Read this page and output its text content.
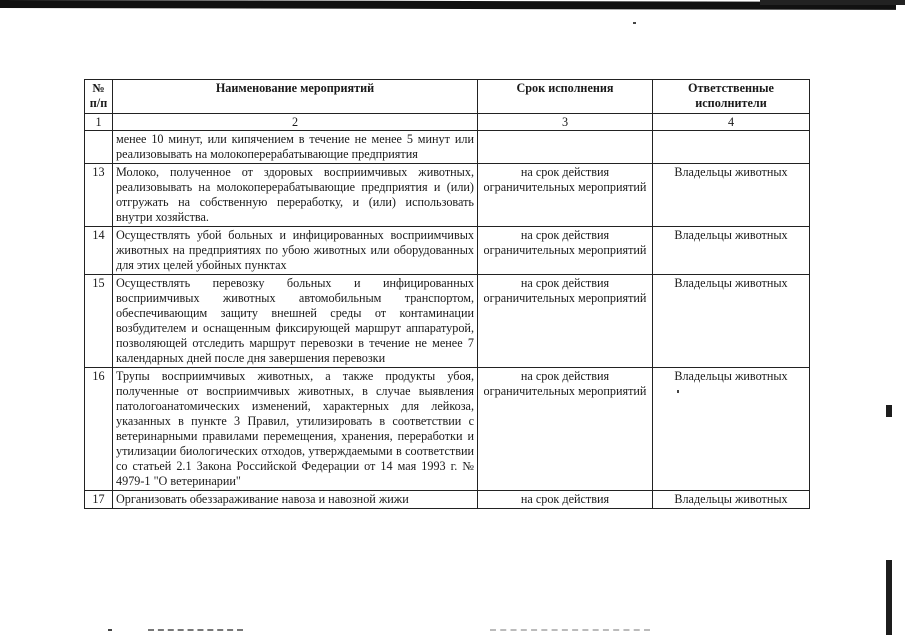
№ п/п	Наименование мероприятий	Срок исполнения	Ответственные исполнители
1	2	3	4
	менее 10 минут, или кипячением в течение не менее 5 минут или реализовывать на молокоперерабатывающие предприятия		
13	Молоко, полученное от здоровых восприимчивых животных, реализовывать на молокоперерабатывающие предприятия и (или) отгружать на собственную переработку, и (или) использовать внутри хозяйства.	на срок действия ограничительных мероприятий	Владельцы животных
14	Осуществлять убой больных и инфицированных восприимчивых животных на предприятиях по убою животных или оборудованных для этих целей убойных пунктах	на срок действия ограничительных мероприятий	Владельцы животных
15	Осуществлять перевозку больных и инфицированных восприимчивых животных автомобильным транспортом, обеспечивающим защиту внешней среды от контаминации возбудителем и оснащенным фиксирующей маршрут аппаратурой, позволяющей отследить маршрут перевозки в течение не менее 7 календарных дней после дня завершения перевозки	на срок действия ограничительных мероприятий	Владельцы животных
16	Трупы восприимчивых животных, а также продукты убоя, полученные от восприимчивых животных, в случае выявления патологоанатомических изменений, характерных для лейкоза, указанных в пункте 3 Правил, утилизировать в соответствии с ветеринарными правилами перемещения, хранения, переработки и утилизации биологических отходов, утверждаемыми в соответствии со статьей 2.1 Закона Российской Федерации от 14 мая 1993 г. № 4979-1 "О ветеринарии"	на срок действия ограничительных мероприятий	Владельцы животных
17	Организовать обеззараживание навоза и навозной жижи	на срок действия	Владельцы животных
